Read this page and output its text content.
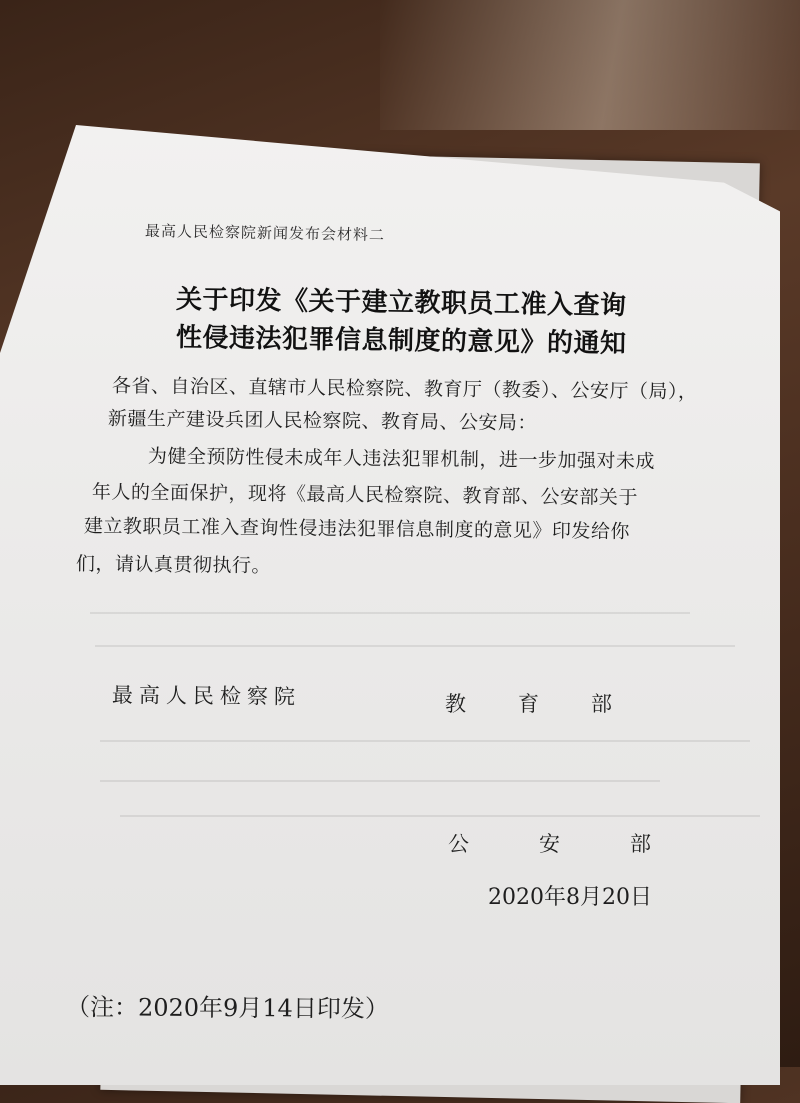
最高人民检察院新闻发布会材料二
关于印发《关于建立教职员工准入查询
性侵违法犯罪信息制度的意见》的通知
各省、自治区、直辖市人民检察院、教育厅（教委）、公安厅（局），
新疆生产建设兵团人民检察院、教育局、公安局：
为健全预防性侵未成年人违法犯罪机制，进一步加强对未成
年人的全面保护，现将《最高人民检察院、教育部、公安部关于
建立教职员工准入查询性侵违法犯罪信息制度的意见》印发给你
们，请认真贯彻执行。
最高人民检察院	教育部
公安部
2020年8月20日
（注：2020年9月14日印发）
